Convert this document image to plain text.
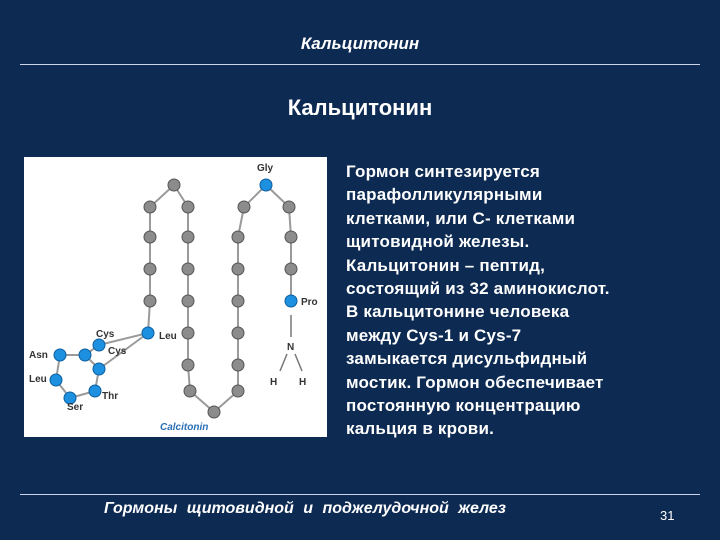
Кальцитонин
Кальцитонин
Gly
Pro
N
H H
Leu
Cys
Cys
Asn
Leu
Ser
Thr
Calcitonin
Гормон синтезируется
парафолликулярными
клетками, или С- клетками
щитовидной железы.
Кальцитонин – пептид,
состоящий из 32 аминокислот.
В кальцитонине человека
между Cys-1 и Cys-7
замыкается дисульфидный
мостик. Гормон обеспечивает
постоянную концентрацию
кальция в крови.
Гормоны щитовидной и поджелудочной желез	31
